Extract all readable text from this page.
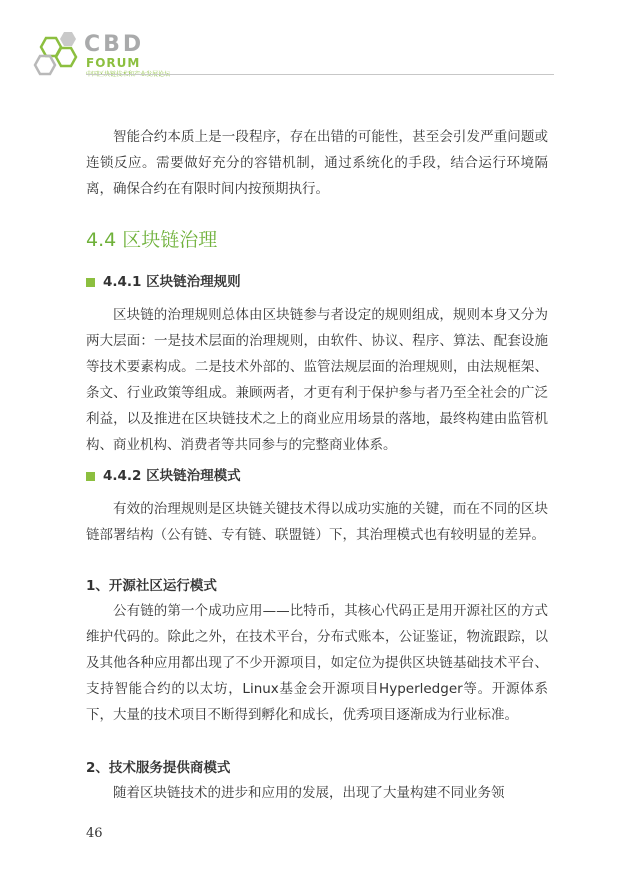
CBD
FORUM

智能合约本质上是一段程序，存在出错的可能性，甚至会引发严重问题或连锁反应。需要做好充分的容错机制，通过系统化的手段，结合运行环境隔离，确保合约在有限时间内按预期执行。

4.4 区块链治理
4.4.1 区块链治理规则

区块链的治理规则总体由区块链参与者设定的规则组成，规则本身又分为两大层面：一是技术层面的治理规则，由软件、协议、程序、算法、配套设施等技术要素构成。二是技术外部的、监管法规层面的治理规则，由法规框架、条文、行业政策等组成。兼顾两者，才更有利于保护参与者乃至全社会的广泛利益，以及推进在区块链技术之上的商业应用场景的落地，最终构建由监管机构、商业机构、消费者等共同参与的完整商业体系。

4.4.2 区块链治理模式

有效的治理规则是区块链关键技术得以成功实施的关键，而在不同的区块链部署结构（公有链、专有链、联盟链）下，其治理模式也有较明显的差异。

1、开源社区运行模式

公有链的第一个成功应用——比特币，其核心代码正是用开源社区的方式维护代码的。除此之外，在技术平台，分布式账本，公证鉴证，物流跟踪，以及其他各种应用都出现了不少开源项目，如定位为提供区块链基础技术平台、支持智能合约的以太坊，Linux基金会开源项目Hyperledger等。开源体系下，大量的技术项目不断得到孵化和成长，优秀项目逐渐成为行业标准。

2、技术服务提供商模式

随着区块链技术的进步和应用的发展，出现了大量构建不同业务领

46
